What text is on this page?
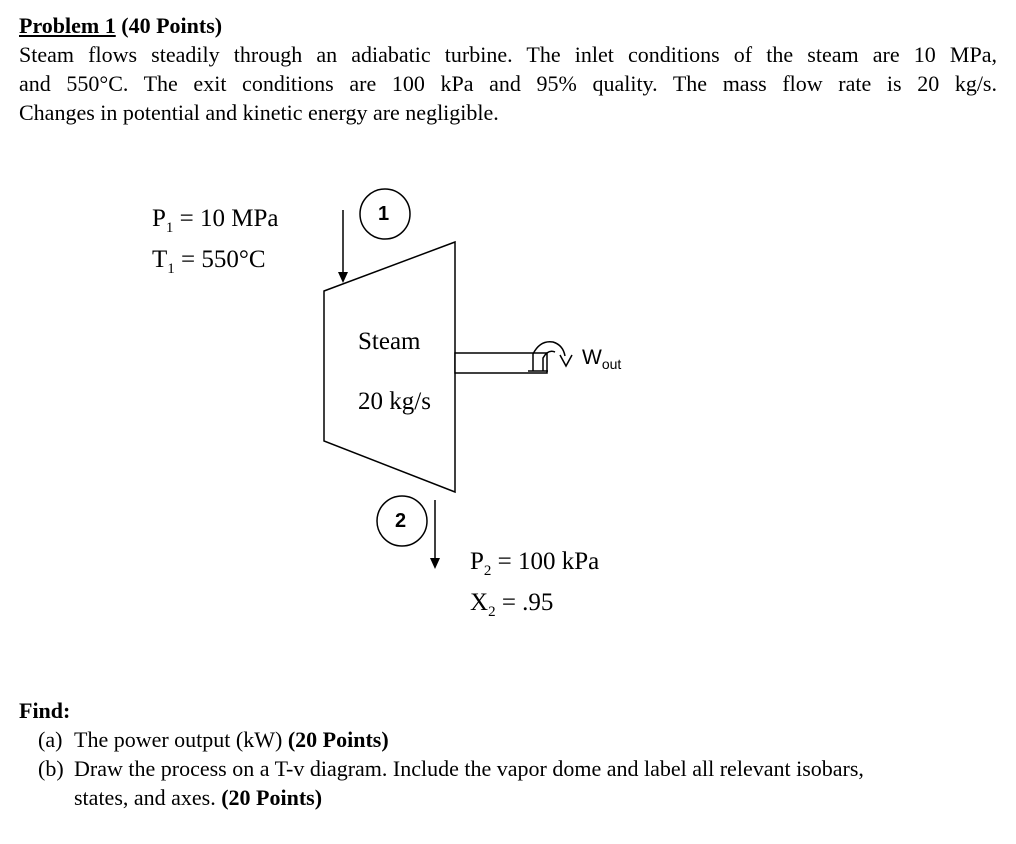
Problem 1 (40 Points)
Steam flows steadily through an adiabatic turbine. The inlet conditions of the steam are 10 MPa,
and 550°C. The exit conditions are 100 kPa and 95% quality. The mass flow rate is 20 kg/s.
Changes in potential and kinetic energy are negligible.
1
2
$P_1 = 10$ MPa
$T_1 = 550^\circ C$
Steam
20 kg/s
$W_{out}$
$P_2 = 100$ kPa
$X_2 = .95$
Find:
(a) The power output (kW) (20 Points)
(b) Draw the process on a T-v diagram. Include the vapor dome and label all relevant isobars,
states, and axes. (20 Points)
